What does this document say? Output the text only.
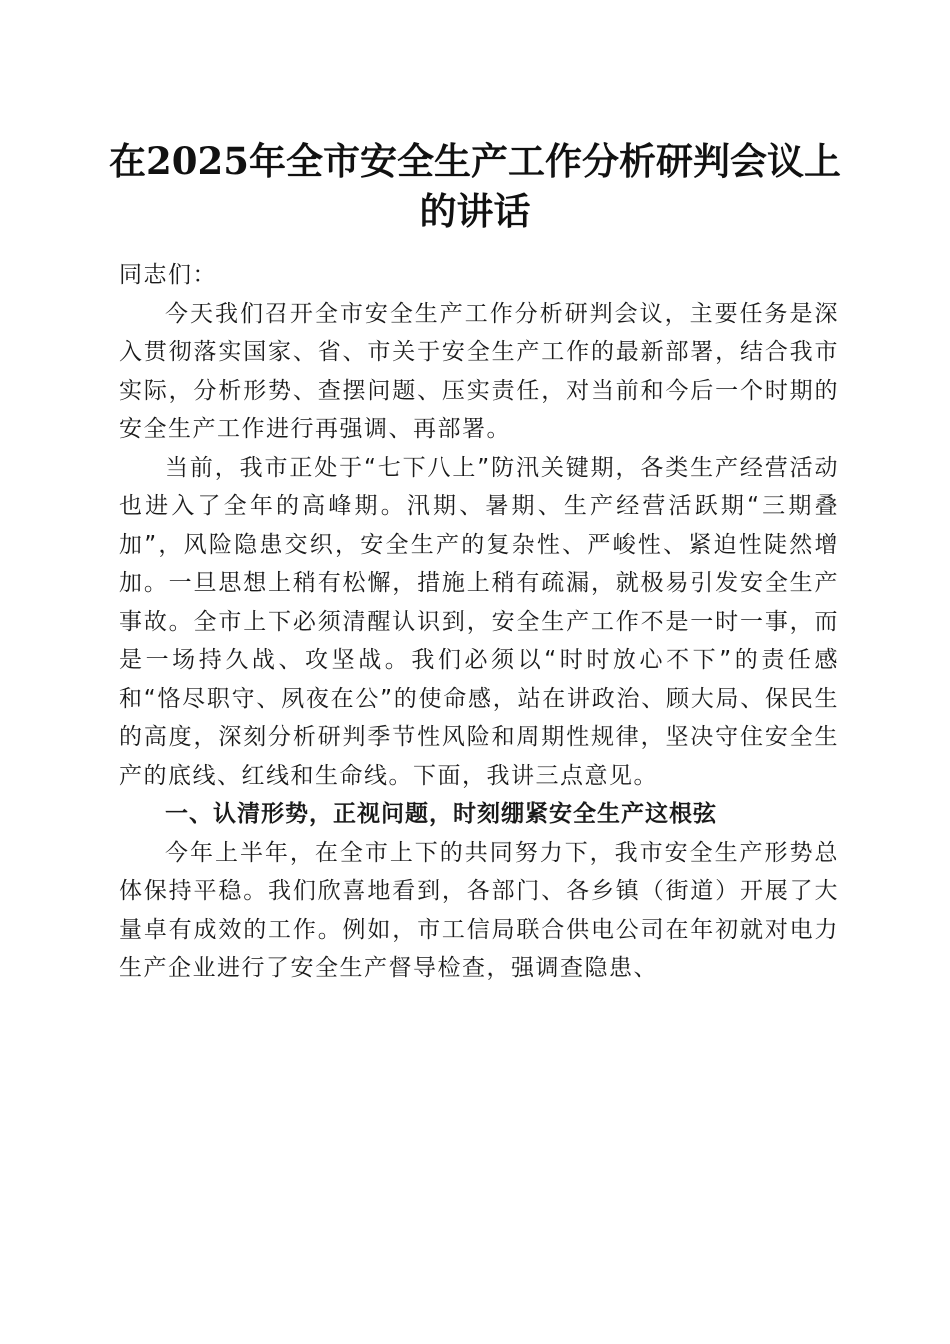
在2025年全市安全生产工作分析研判会议上
的讲话

同志们：

今天我们召开全市安全生产工作分析研判会议，主要任务是深入贯彻落实国家、省、市关于安全生产工作的最新部署，结合我市实际，分析形势、查摆问题、压实责任，对当前和今后一个时期的安全生产工作进行再强调、再部署。

当前，我市正处于“七下八上”防汛关键期，各类生产经营活动也进入了全年的高峰期。汛期、暑期、生产经营活跃期“三期叠加”，风险隐患交织，安全生产的复杂性、严峻性、紧迫性陡然增加。一旦思想上稍有松懈，措施上稍有疏漏，就极易引发安全生产事故。全市上下必须清醒认识到，安全生产工作不是一时一事，而是一场持久战、攻坚战。我们必须以“时时放心不下”的责任感和“恪尽职守、夙夜在公”的使命感，站在讲政治、顾大局、保民生的高度，深刻分析研判季节性风险和周期性规律，坚决守住安全生产的底线、红线和生命线。下面，我讲三点意见。

一、认清形势，正视问题，时刻绷紧安全生产这根弦

今年上半年，在全市上下的共同努力下，我市安全生产形势总体保持平稳。我们欣喜地看到，各部门、各乡镇（街道）开展了大量卓有成效的工作。例如，市工信局联合供电公司在年初就对电力生产企业进行了安全生产督导检查，强调查隐患、
